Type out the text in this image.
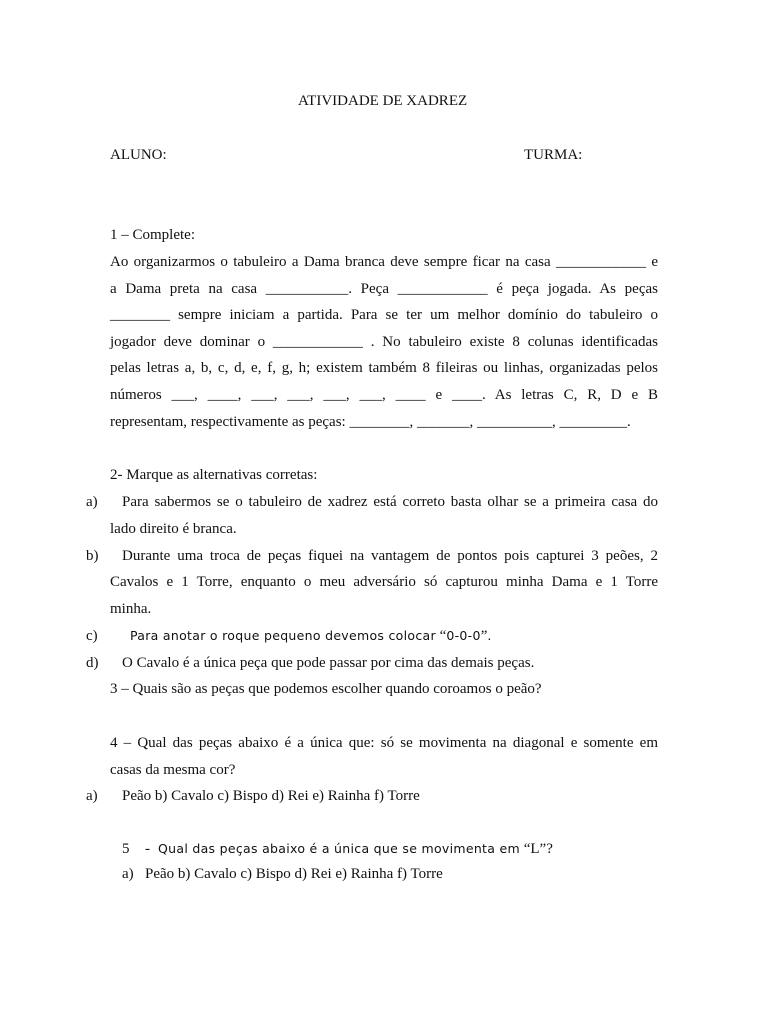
ATIVIDADE DE XADREZ
ALUNO:	TURMA:
1 – Complete:
Ao organizarmos o tabuleiro a Dama branca deve sempre ficar na casa ____________ e
a Dama preta na casa ___________. Peça ____________ é peça jogada. As peças
________ sempre iniciam a partida. Para se ter um melhor domínio do tabuleiro o
jogador deve dominar o ____________ . No tabuleiro existe 8 colunas identificadas
pelas letras a, b, c, d, e, f, g, h; existem também 8 fileiras ou linhas, organizadas pelos
números ___, ____, ___, ___, ___, ___, ____ e ____. As letras C, R, D e B
representam, respectivamente as peças: ________, _______, __________, _________.
2- Marque as alternativas corretas:
a) Para sabermos se o tabuleiro de xadrez está correto basta olhar se a primeira casa do
lado direito é branca.
b) Durante uma troca de peças fiquei na vantagem de pontos pois capturei 3 peões, 2
Cavalos e 1 Torre, enquanto o meu adversário só capturou minha Dama e 1 Torre
minha.
c)	Para anotar o roque pequeno devemos colocar “0-0-0”.
d) O Cavalo é a única peça que pode passar por cima das demais peças.
3 – Quais são as peças que podemos escolher quando coroamos o peão?
4 – Qual das peças abaixo é a única que: só se movimenta na diagonal e somente em
casas da mesma cor?
a) Peão b) Cavalo c) Bispo d) Rei e) Rainha f) Torre
5 - Qual das peças abaixo é a única que se movimenta em “L”?
a) Peão b) Cavalo c) Bispo d) Rei e) Rainha f) Torre
